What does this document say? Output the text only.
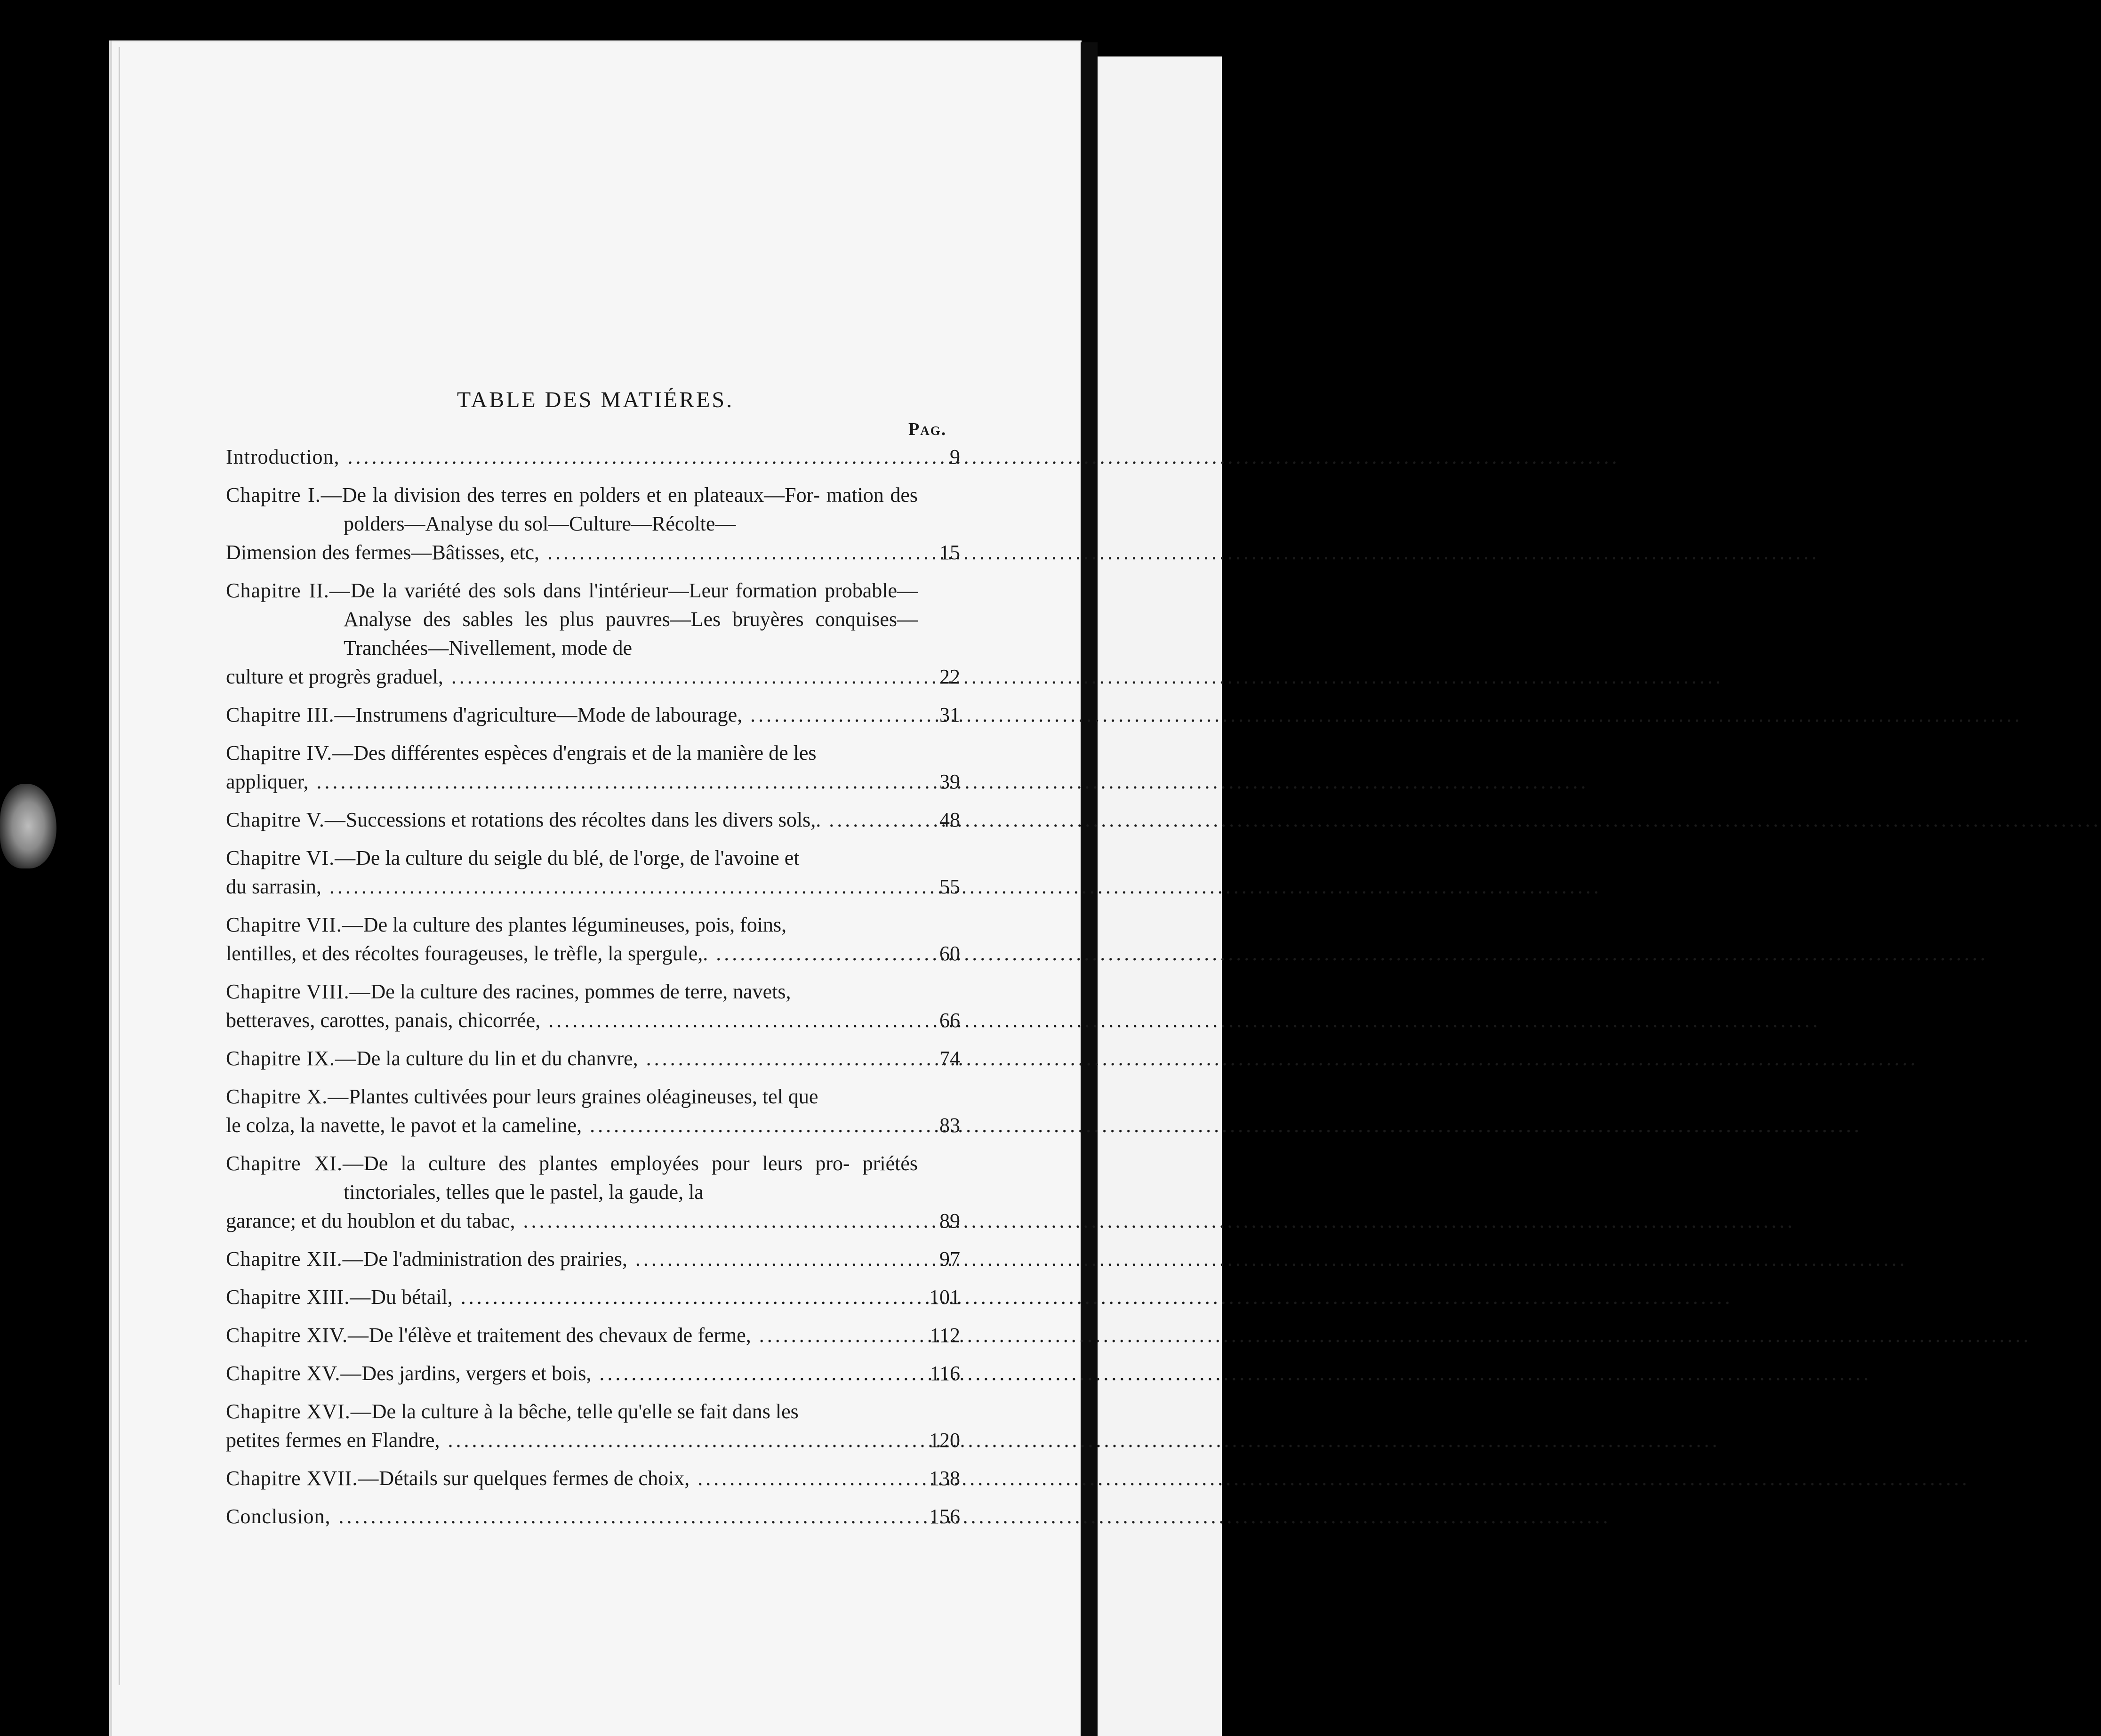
TABLE DES MATIÉRES.
Pag.
Introduction, .....	9
Chapitre I.—De la division des terres en polders et en plateaux—For- mation des polders—Analyse du sol—Culture—Récolte—
Dimension des fermes—Bâtisses, etc, .....	15
Chapitre II.—De la variété des sols dans l'intérieur—Leur formation probable— Analyse des sables les plus pauvres—Les bruyères conquises—Tranchées—Nivellement, mode de
culture et progrès graduel, .....	22
Chapitre III.—Instrumens d'agriculture—Mode de labourage, .....	31
Chapitre IV.—Des différentes espèces d'engrais et de la manière de les
appliquer, .....	39
Chapitre V.—Successions et rotations des récoltes dans les divers sols,. .....	48
Chapitre VI.—De la culture du seigle du blé, de l'orge, de l'avoine et
du sarrasin, .....	55
Chapitre VII.—De la culture des plantes légumineuses, pois, foins,
lentilles, et des récoltes fourageuses, le trèfle, la spergule,. .....	60
Chapitre VIII.—De la culture des racines, pommes de terre, navets,
betteraves, carottes, panais, chicorrée, .....	66
Chapitre IX.—De la culture du lin et du chanvre, .....	74
Chapitre X.—Plantes cultivées pour leurs graines oléagineuses, tel que
le colza, la navette, le pavot et la cameline, .....	83
Chapitre XI.—De la culture des plantes employées pour leurs pro- priétés tinctoriales, telles que le pastel, la gaude, la
garance; et du houblon et du tabac, .....	89
Chapitre XII.—De l'administration des prairies, .....	97
Chapitre XIII.—Du bétail, .....	101
Chapitre XIV.—De l'élève et traitement des chevaux de ferme, .....	112
Chapitre XV.—Des jardins, vergers et bois, .....	116
Chapitre XVI.—De la culture à la bêche, telle qu'elle se fait dans les
petites fermes en Flandre, .....	120
Chapitre XVII.—Détails sur quelques fermes de choix, .....	138
Conclusion, .....	156
